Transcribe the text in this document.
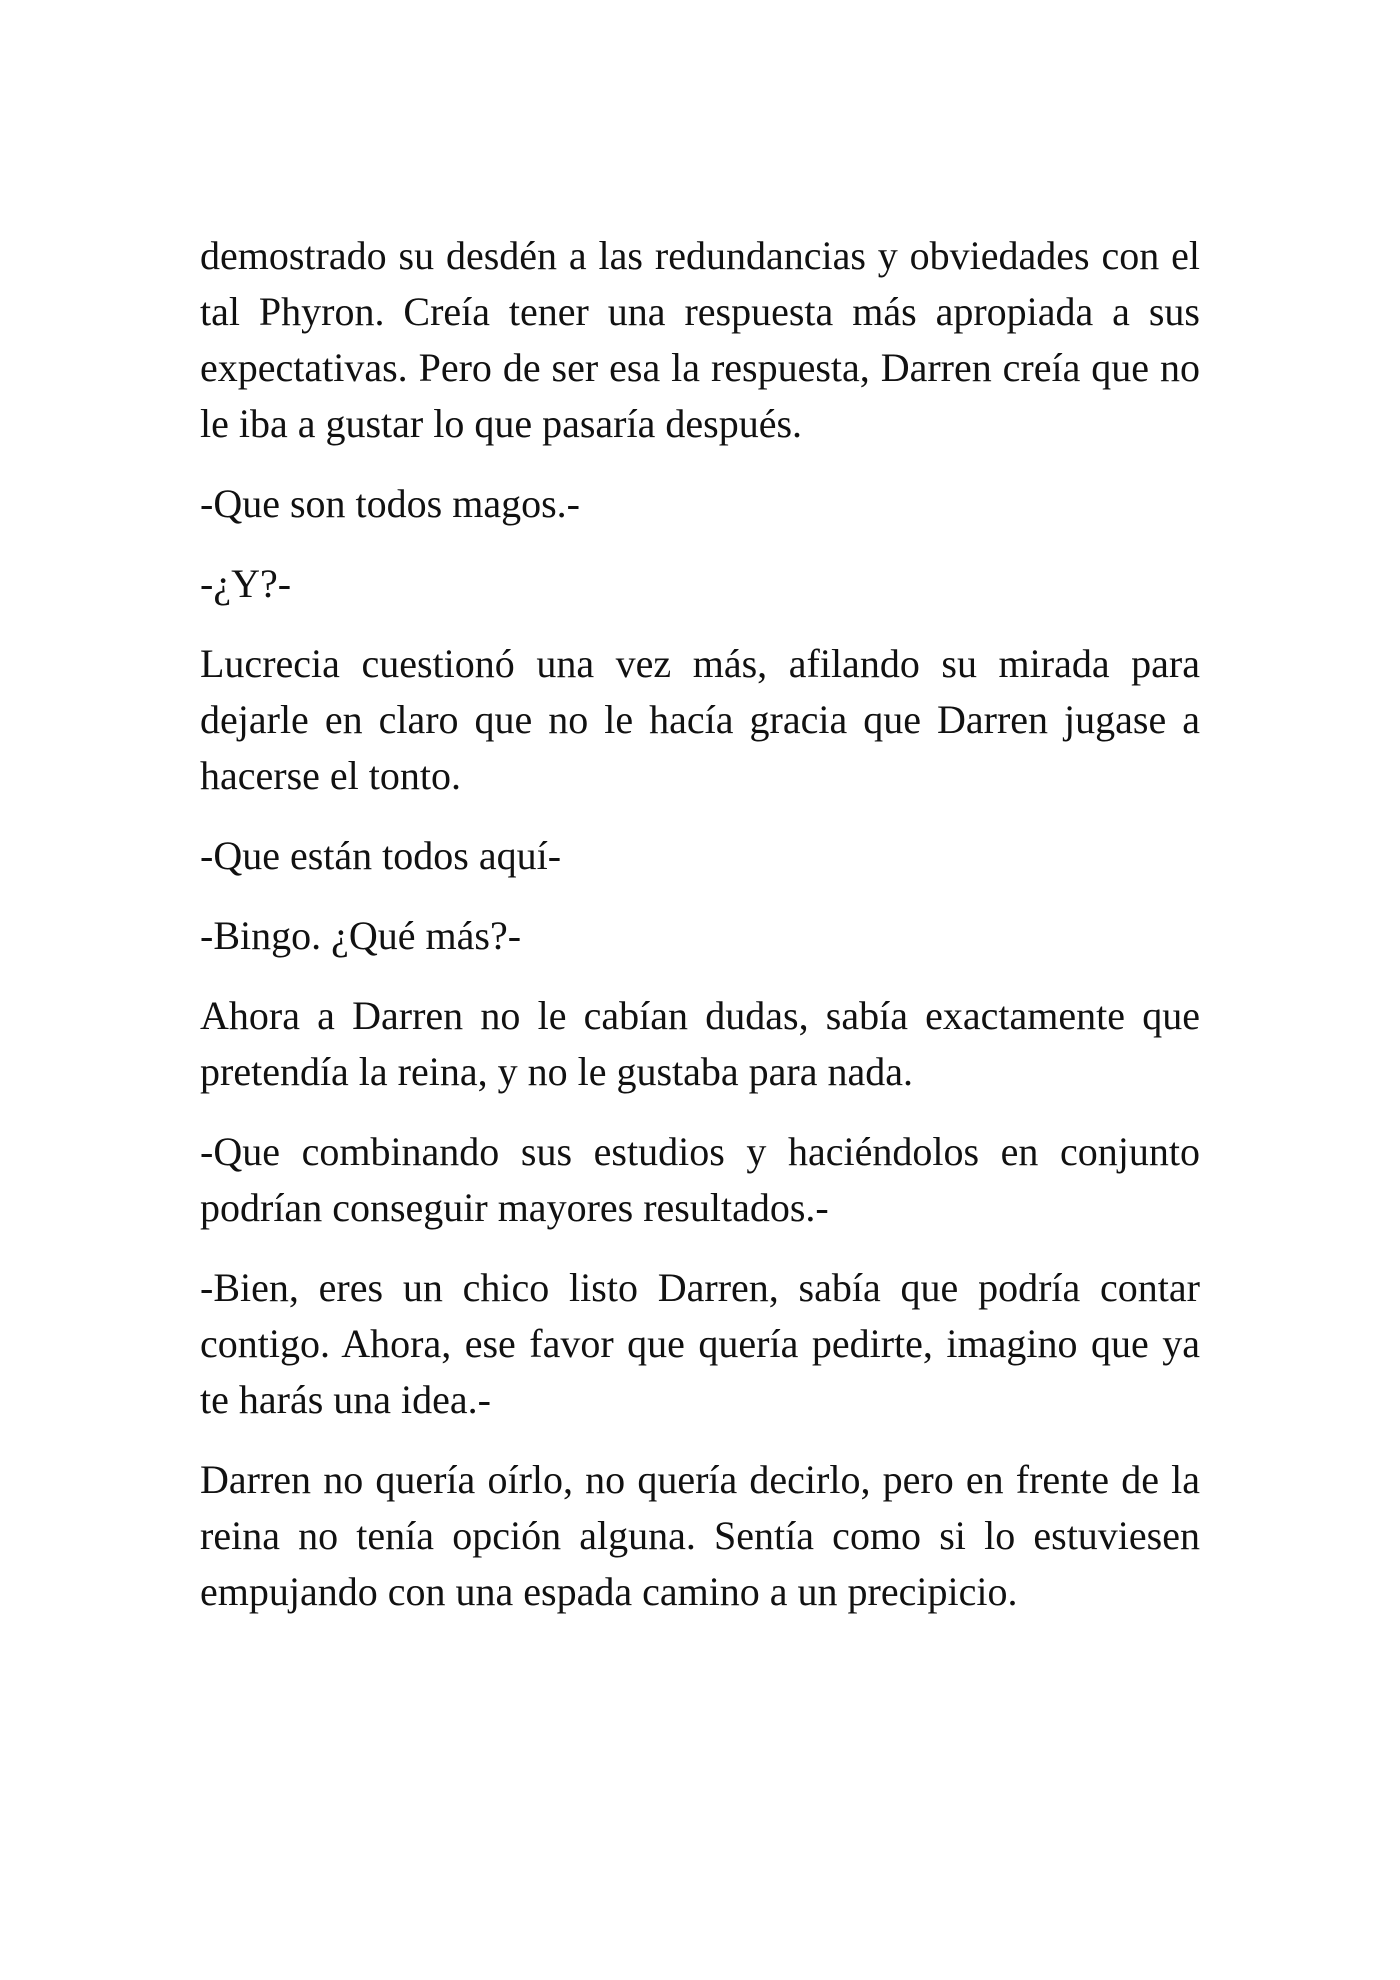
demostrado su desdén a las redundancias y obviedades con el tal Phyron. Creía tener una respuesta más apropiada a sus expectativas. Pero de ser esa la respuesta, Darren creía que no le iba a gustar lo que pasaría después.

-Que son todos magos.-

-¿Y?-

Lucrecia cuestionó una vez más, afilando su mirada para dejarle en claro que no le hacía gracia que Darren jugase a hacerse el tonto.

-Que están todos aquí-

-Bingo. ¿Qué más?-

Ahora a Darren no le cabían dudas, sabía exactamente que pretendía la reina, y no le gustaba para nada.

-Que combinando sus estudios y haciéndolos en conjunto podrían conseguir mayores resultados.-

-Bien, eres un chico listo Darren, sabía que podría contar contigo. Ahora, ese favor que quería pedirte, imagino que ya te harás una idea.-

Darren no quería oírlo, no quería decirlo, pero en frente de la reina no tenía opción alguna. Sentía como si lo estuviesen empujando con una espada camino a un precipicio.
